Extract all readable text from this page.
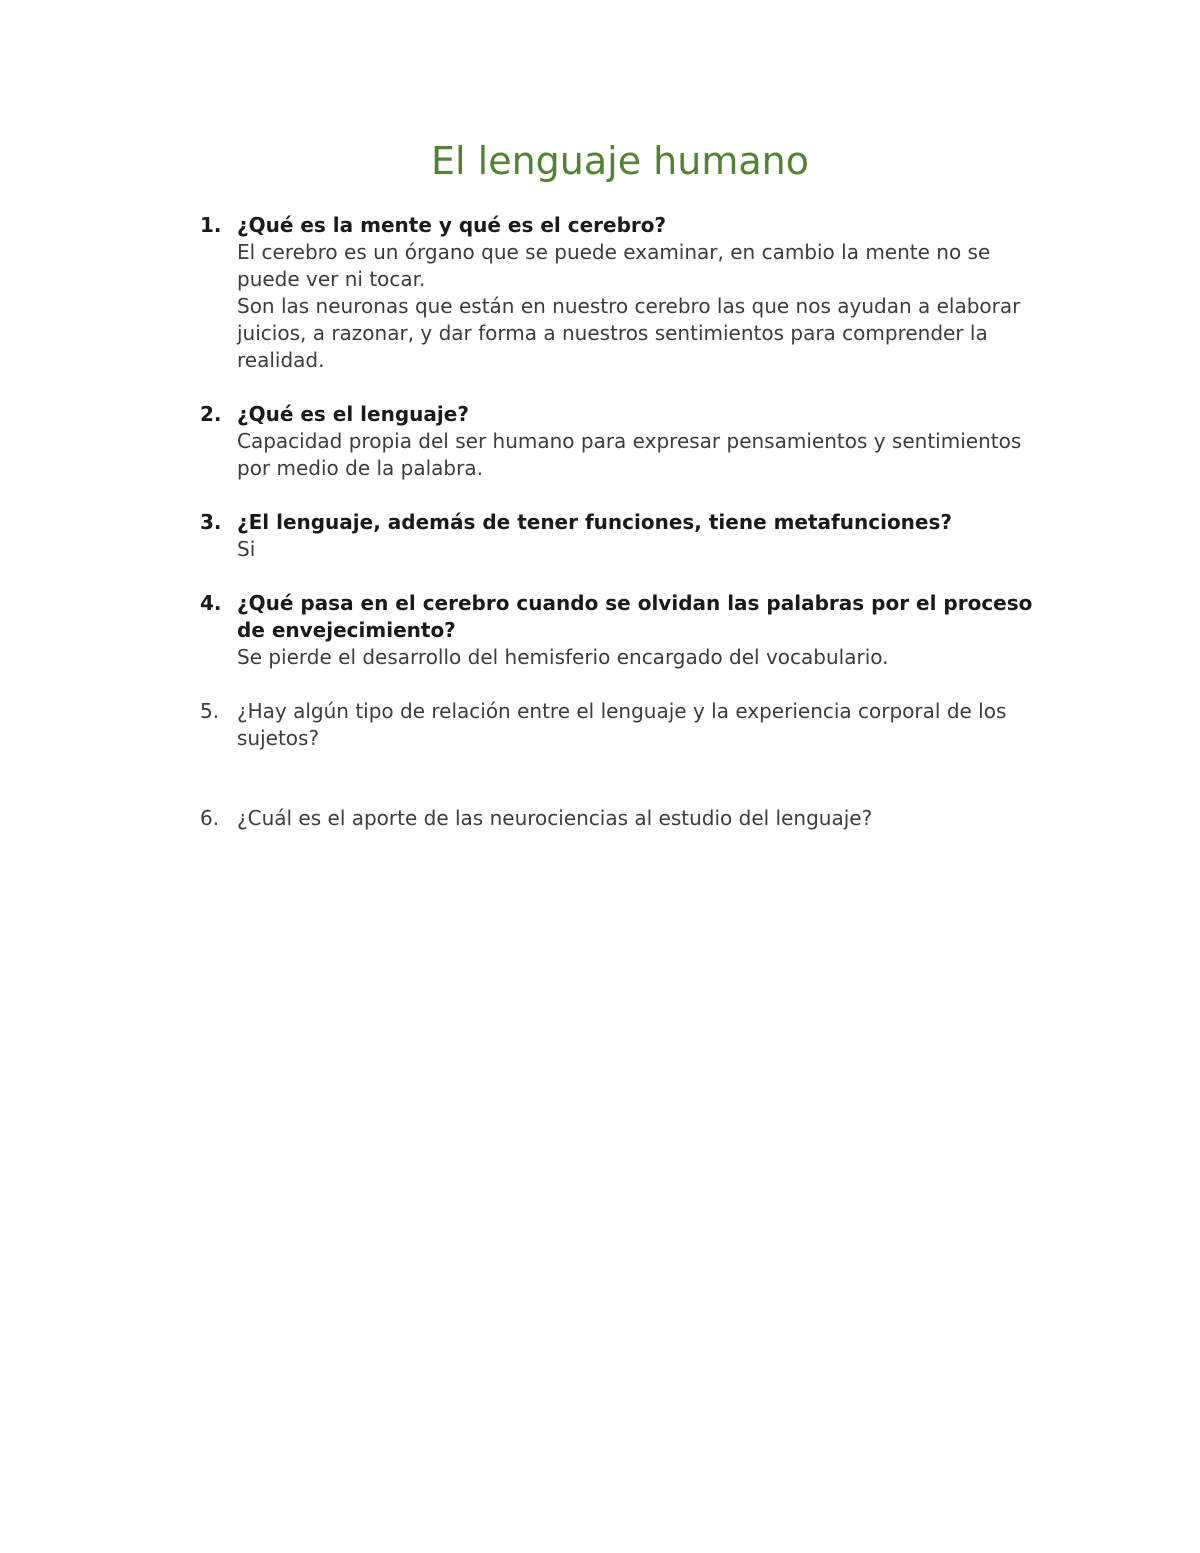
El lenguaje humano
1. ¿Qué es la mente y qué es el cerebro?
El cerebro es un órgano que se puede examinar, en cambio la mente no se puede ver ni tocar.
Son las neuronas que están en nuestro cerebro las que nos ayudan a elaborar juicios, a razonar, y dar forma a nuestros sentimientos para comprender la realidad.
2. ¿Qué es el lenguaje?
Capacidad propia del ser humano para expresar pensamientos y sentimientos por medio de la palabra.
3. ¿El lenguaje, además de tener funciones, tiene metafunciones?
Si
4. ¿Qué pasa en el cerebro cuando se olvidan las palabras por el proceso de envejecimiento?
Se pierde el desarrollo del hemisferio encargado del vocabulario.
5. ¿Hay algún tipo de relación entre el lenguaje y la experiencia corporal de los sujetos?
6. ¿Cuál es el aporte de las neurociencias al estudio del lenguaje?
